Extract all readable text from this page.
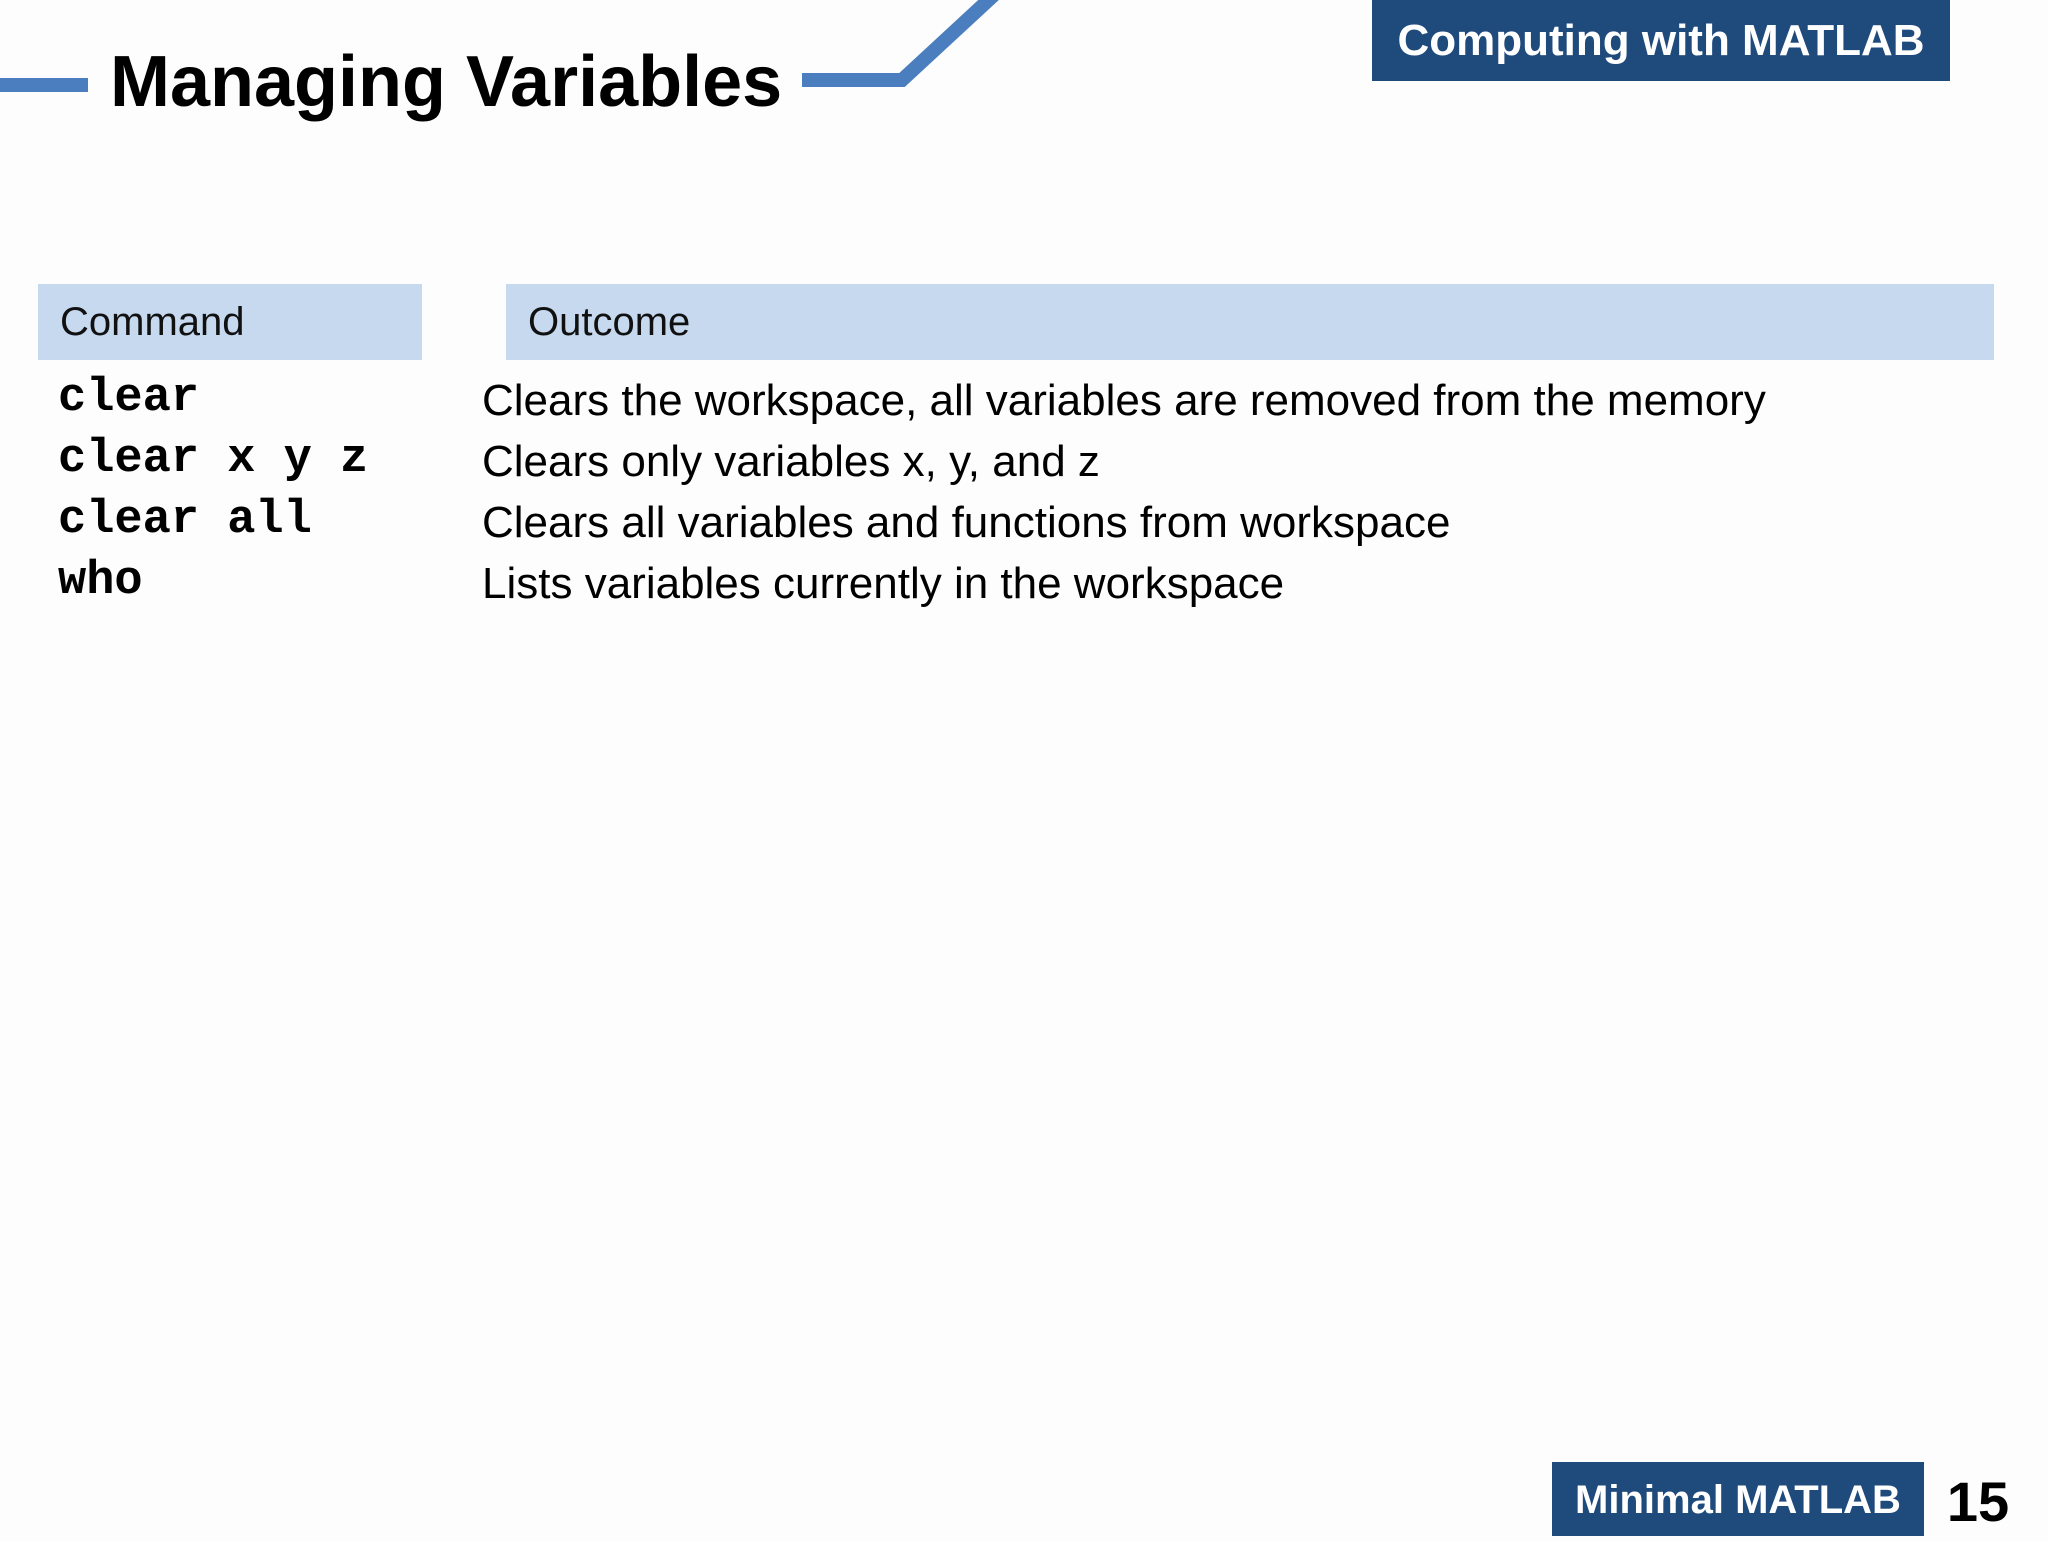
Managing Variables
Computing with MATLAB
Command	Outcome
clear	Clears the workspace, all variables are removed from the memory
clear x y z	Clears only variables x, y, and z
clear all	Clears all variables and functions from workspace
who	Lists variables currently in the workspace
Minimal MATLAB 15
